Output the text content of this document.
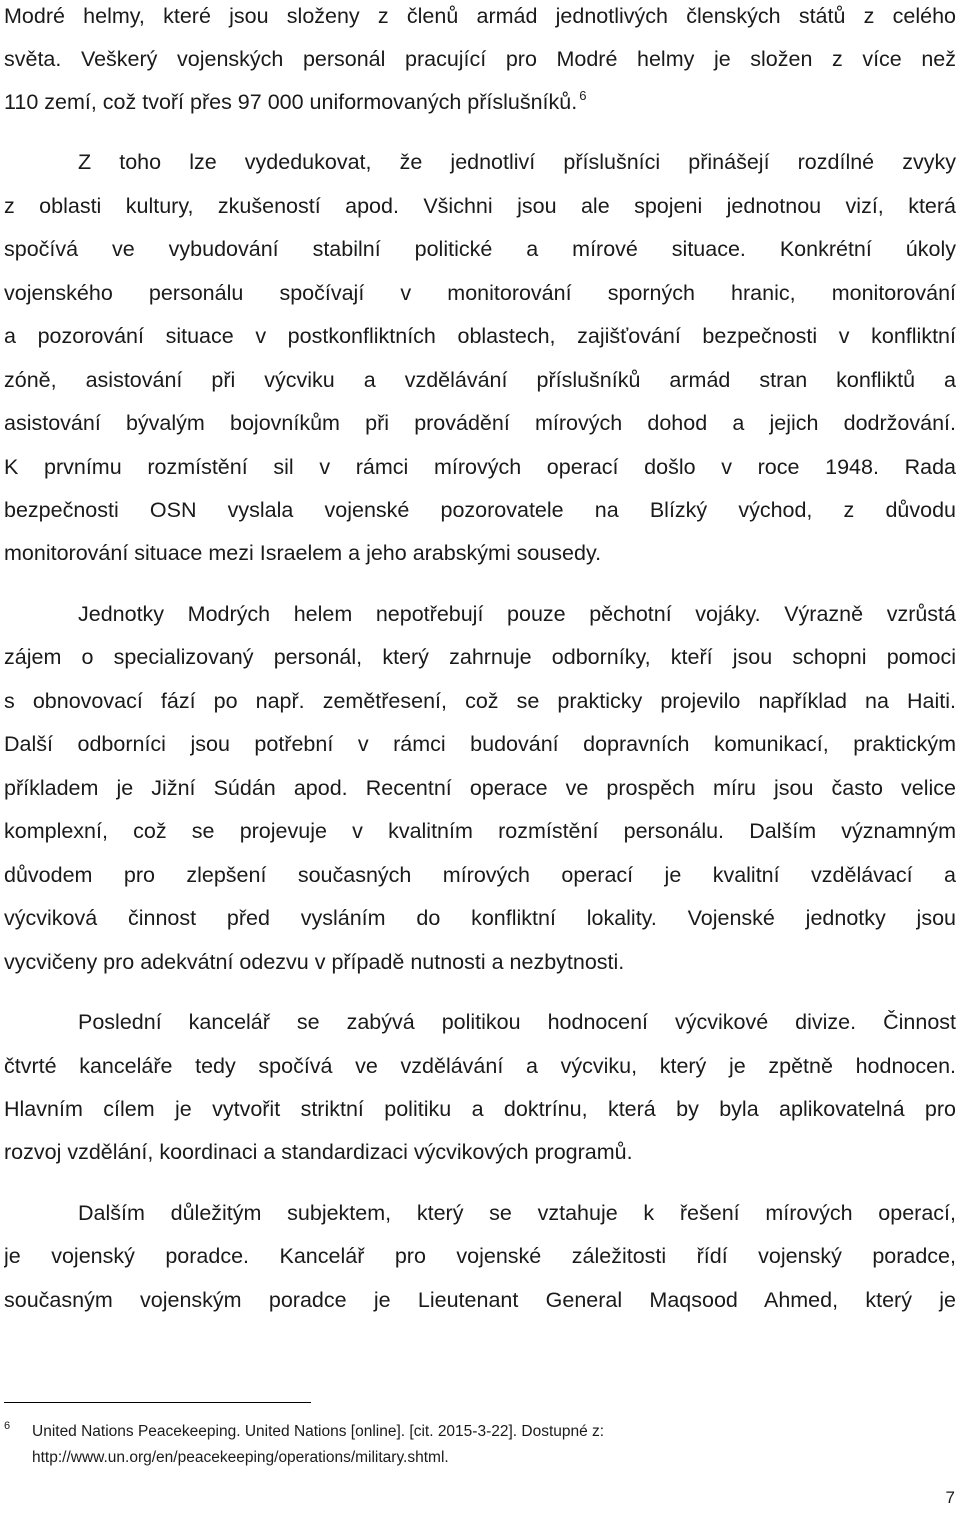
Modré helmy, které jsou složeny z členů armád jednotlivých členských států z celého
světa. Veškerý vojenských personál pracující pro Modré helmy je složen z více než
110 zemí, což tvoří přes 97 000 uniformovaných příslušníků. $^6$
Z toho lze vydedukovat, že jednotliví příslušníci přinášejí rozdílné zvyky
z oblasti kultury, zkušeností apod. Všichni jsou ale spojeni jednotnou vizí, která
spočívá ve vybudování stabilní politické a mírové situace. Konkrétní úkoly
vojenského personálu spočívají v monitorování sporných hranic, monitorování
a pozorování situace v postkonfliktních oblastech, zajišťování bezpečnosti v konfliktní
zóně, asistování při výcviku a vzdělávání příslušníků armád stran konfliktů a
asistování bývalým bojovníkům při provádění mírových dohod a jejich dodržování.
K prvnímu rozmístění sil v rámci mírových operací došlo v roce 1948. Rada
bezpečnosti OSN vyslala vojenské pozorovatele na Blízký východ, z důvodu
monitorování situace mezi Israelem a jeho arabskými sousedy.
Jednotky Modrých helem nepotřebují pouze pěchotní vojáky. Výrazně vzrůstá
zájem o specializovaný personál, který zahrnuje odborníky, kteří jsou schopni pomoci
s obnovovací fází po např. zemětřesení, což se prakticky projevilo například na Haiti.
Další odborníci jsou potřební v rámci budování dopravních komunikací, praktickým
příkladem je Jižní Súdán apod. Recentní operace ve prospěch míru jsou často velice
komplexní, což se projevuje v kvalitním rozmístění personálu. Dalším významným
důvodem pro zlepšení současných mírových operací je kvalitní vzdělávací a
výcviková činnost před vysláním do konfliktní lokality. Vojenské jednotky jsou
vycvičeny pro adekvátní odezvu v případě nutnosti a nezbytnosti.
Poslední kancelář se zabývá politikou hodnocení výcvikové divize. Činnost
čtvrté kanceláře tedy spočívá ve vzdělávání a výcviku, který je zpětně hodnocen.
Hlavním cílem je vytvořit striktní politiku a doktrínu, která by byla aplikovatelná pro
rozvoj vzdělání, koordinaci a standardizaci výcvikových programů.
Dalším důležitým subjektem, který se vztahuje k řešení mírových operací,
je vojenský poradce. Kancelář pro vojenské záležitosti řídí vojenský poradce,
současným vojenským poradce je Lieutenant General Maqsood Ahmed, který je
6 United Nations Peacekeeping. United Nations [online]. [cit. 2015-3-22]. Dostupné z:
http://www.un.org/en/peacekeeping/operations/military.shtml.
7
